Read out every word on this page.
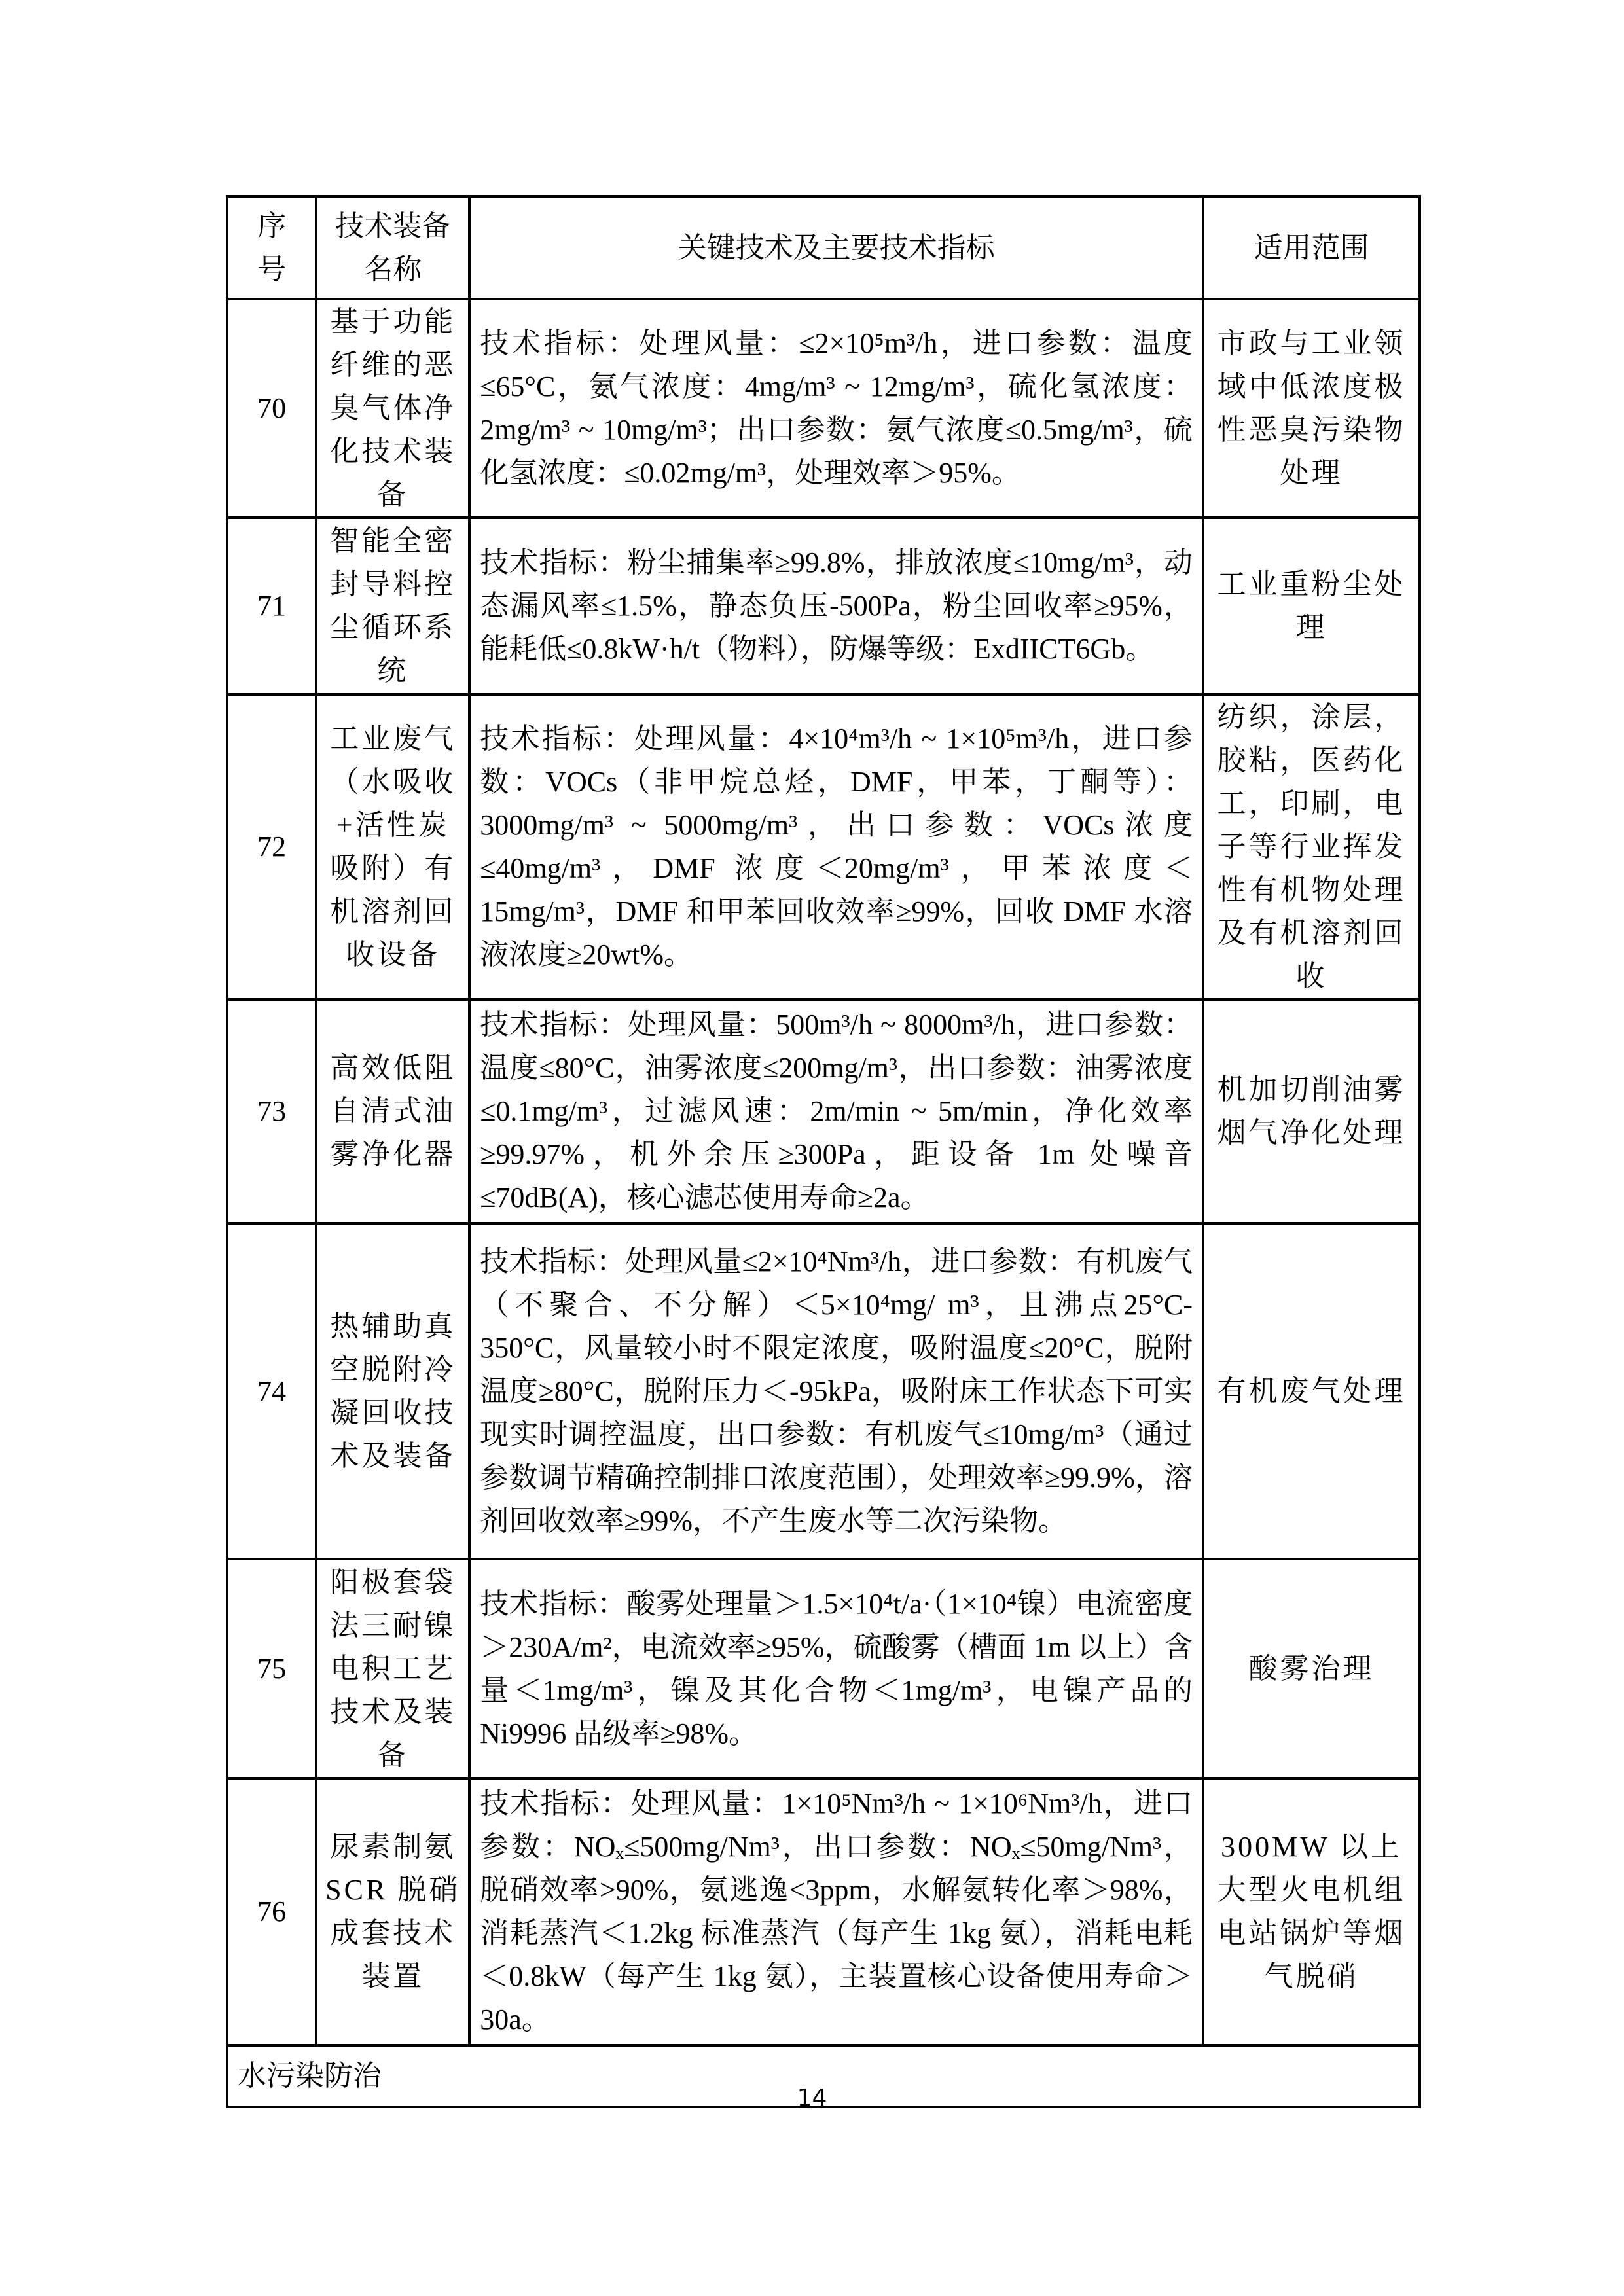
序号	技术装备名称	关键技术及主要技术指标	适用范围
70	基于功能纤维的恶臭气体净化技术装备	技术指标：处理风量：≤2×10⁵m³/h，进口参数：温度≤65°C，氨气浓度：4mg/m³ ~ 12mg/m³，硫化氢浓度：2mg/m³ ~ 10mg/m³；出口参数：氨气浓度≤0.5mg/m³，硫化氢浓度：≤0.02mg/m³，处理效率＞95%。	市政与工业领域中低浓度极性恶臭污染物处理
71	智能全密封导料控尘循环系统	技术指标：粉尘捕集率≥99.8%，排放浓度≤10mg/m³，动态漏风率≤1.5%，静态负压-500Pa，粉尘回收率≥95%，能耗低≤0.8kW·h/t（物料），防爆等级：ExdIICT6Gb。	工业重粉尘处理
72	工业废气（水吸收+活性炭吸附）有机溶剂回收设备	技术指标：处理风量：4×10⁴m³/h ~ 1×10⁵m³/h，进口参数：VOCs（非甲烷总烃，DMF，甲苯，丁酮等）：3000mg/m³ ~ 5000mg/m³，出口参数：VOCs浓度≤40mg/m³，DMF 浓度＜20mg/m³，甲苯浓度＜15mg/m³，DMF 和甲苯回收效率≥99%，回收 DMF 水溶液浓度≥20wt%。	纺织，涂层，胶粘，医药化工，印刷，电子等行业挥发性有机物处理及有机溶剂回收
73	高效低阻自清式油雾净化器	技术指标：处理风量：500m³/h ~ 8000m³/h，进口参数：温度≤80°C，油雾浓度≤200mg/m³，出口参数：油雾浓度≤0.1mg/m³，过滤风速：2m/min ~ 5m/min，净化效率≥99.97%，机外余压≥300Pa，距设备 1m 处噪音≤70dB(A)，核心滤芯使用寿命≥2a。	机加切削油雾烟气净化处理
74	热辅助真空脱附冷凝回收技术及装备	技术指标：处理风量≤2×10⁴Nm³/h，进口参数：有机废气（不聚合、不分解）＜5×10⁴mg/ m³，且沸点25°C-350°C，风量较小时不限定浓度，吸附温度≤20°C，脱附温度≥80°C，脱附压力＜-95kPa，吸附床工作状态下可实现实时调控温度，出口参数：有机废气≤10mg/m³（通过参数调节精确控制排口浓度范围），处理效率≥99.9%，溶剂回收效率≥99%，不产生废水等二次污染物。	有机废气处理
75	阳极套袋法三耐镍电积工艺技术及装备	技术指标：酸雾处理量＞1.5×10⁴t/a·（1×10⁴镍）电流密度＞230A/m²，电流效率≥95%，硫酸雾（槽面 1m 以上）含量＜1mg/m³，镍及其化合物＜1mg/m³，电镍产品的 Ni9996 品级率≥98%。	酸雾治理
76	尿素制氨SCR 脱硝成套技术装置	技术指标：处理风量：1×10⁵Nm³/h ~ 1×10⁶Nm³/h，进口参数：NOₓ≤500mg/Nm³，出口参数：NOₓ≤50mg/Nm³，脱硝效率>90%，氨逃逸<3ppm，水解氨转化率＞98%，消耗蒸汽＜1.2kg 标准蒸汽（每产生 1kg 氨），消耗电耗＜0.8kW（每产生 1kg 氨），主装置核心设备使用寿命＞30a。	300MW 以上大型火电机组电站锅炉等烟气脱硝
水污染防治			
14
